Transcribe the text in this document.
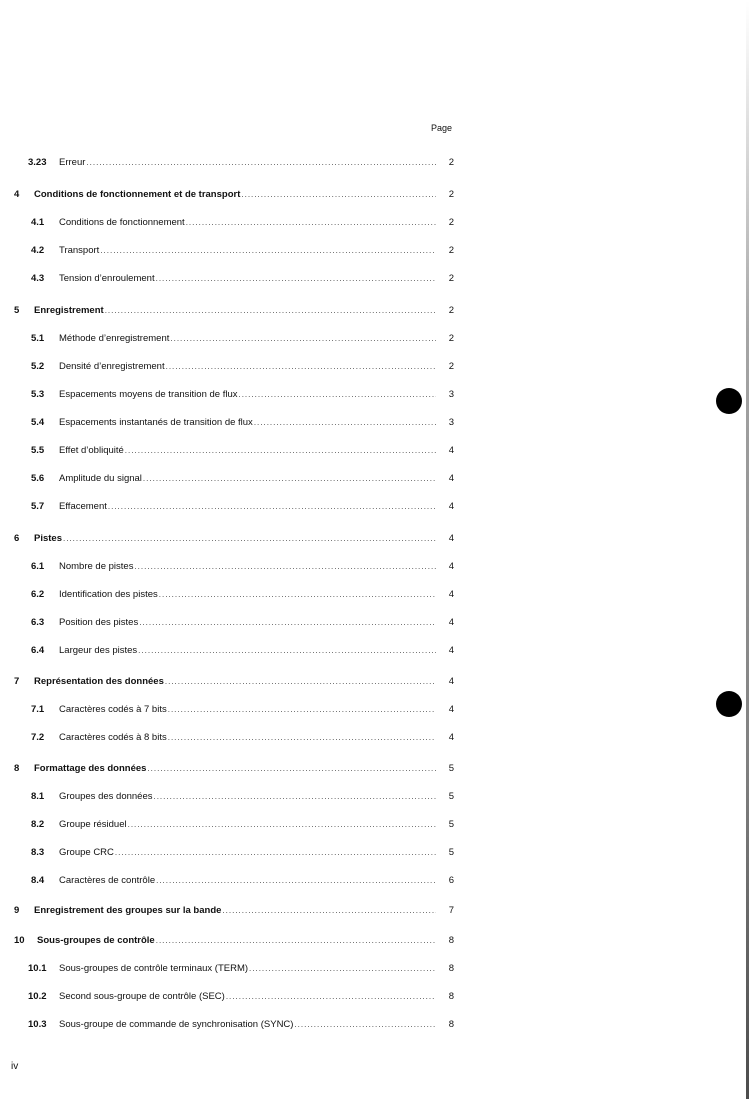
Page
3.23	Erreur .....	2
4	Conditions de fonctionnement et de transport .....	2
4.1	Conditions de fonctionnement .....	2
4.2	Transport .....	2
4.3	Tension d’enroulement .....	2
5	Enregistrement .....	2
5.1	Méthode d’enregistrement .....	2
5.2	Densité d’enregistrement .....	2
5.3	Espacements moyens de transition de flux .....	3
5.4	Espacements instantanés de transition de flux .....	3
5.5	Effet d’obliquité .....	4
5.6	Amplitude du signal .....	4
5.7	Effacement .....	4
6	Pistes .....	4
6.1	Nombre de pistes .....	4
6.2	Identification des pistes .....	4
6.3	Position des pistes .....	4
6.4	Largeur des pistes .....	4
7	Représentation des données .....	4
7.1	Caractères codés à 7 bits .....	4
7.2	Caractères codés à 8 bits .....	4
8	Formattage des données .....	5
8.1	Groupes des données .....	5
8.2	Groupe résiduel .....	5
8.3	Groupe CRC .....	5
8.4	Caractères de contrôle .....	6
9	Enregistrement des groupes sur la bande .....	7
10	Sous-groupes de contrôle .....	8
10.1	Sous-groupes de contrôle terminaux (TERM) .....	8
10.2	Second sous-groupe de contrôle (SEC) .....	8
10.3	Sous-groupe de commande de synchronisation (SYNC) .....	8
iv
